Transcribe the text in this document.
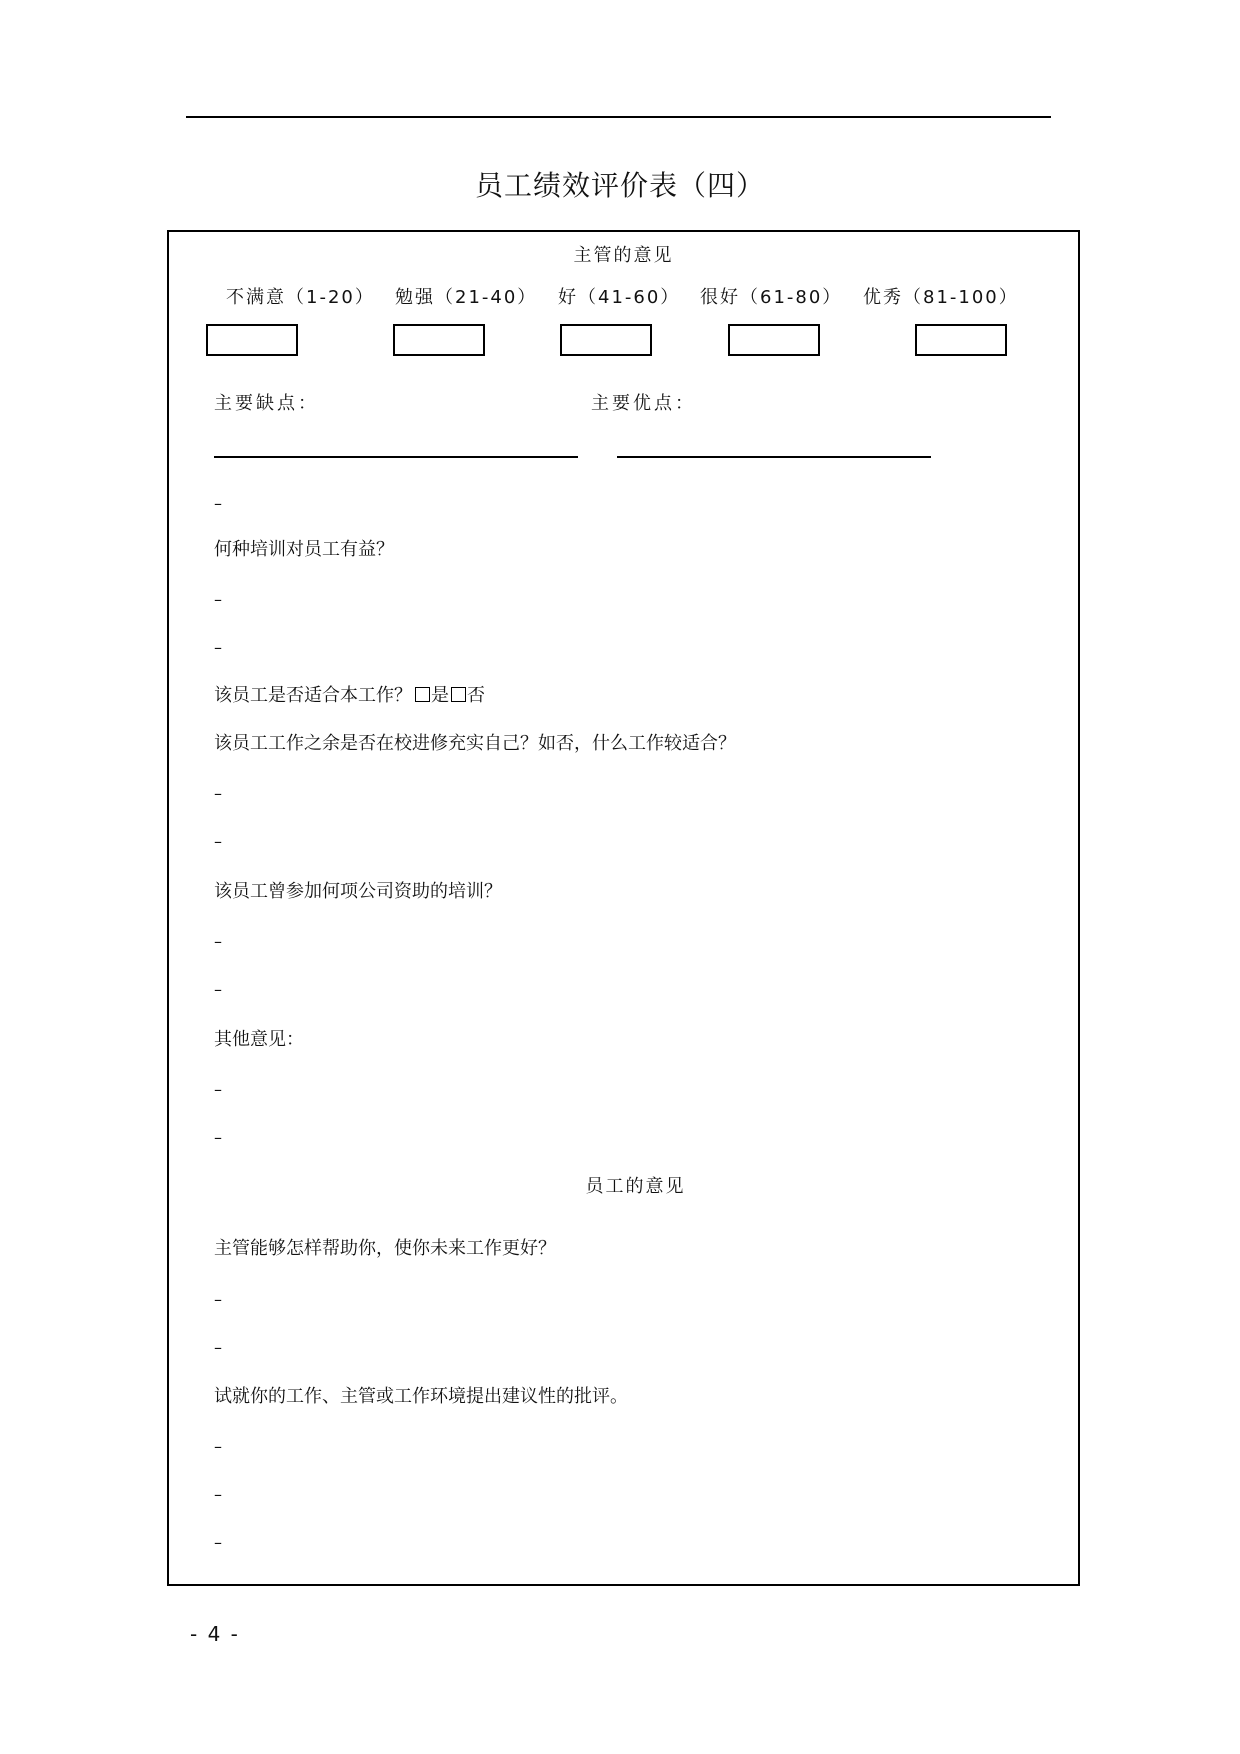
员工绩效评价表（四）
主管的意见
不满意（1-20） 勉强（21-40） 好（41-60） 很好（61-80） 优秀（81-100）
主要缺点：	主要优点：
–
何种培训对员工有益？
–
–
该员工是否适合本工作？ 是 否
该员工工作之余是否在校进修充实自己？如否，什么工作较适合？
–
–
该员工曾参加何项公司资助的培训？
–
–
其他意见：
–
–
员工的意见
主管能够怎样帮助你，使你未来工作更好？
–
–
试就你的工作、主管或工作环境提出建议性的批评。
–
–
–
- 4 -
